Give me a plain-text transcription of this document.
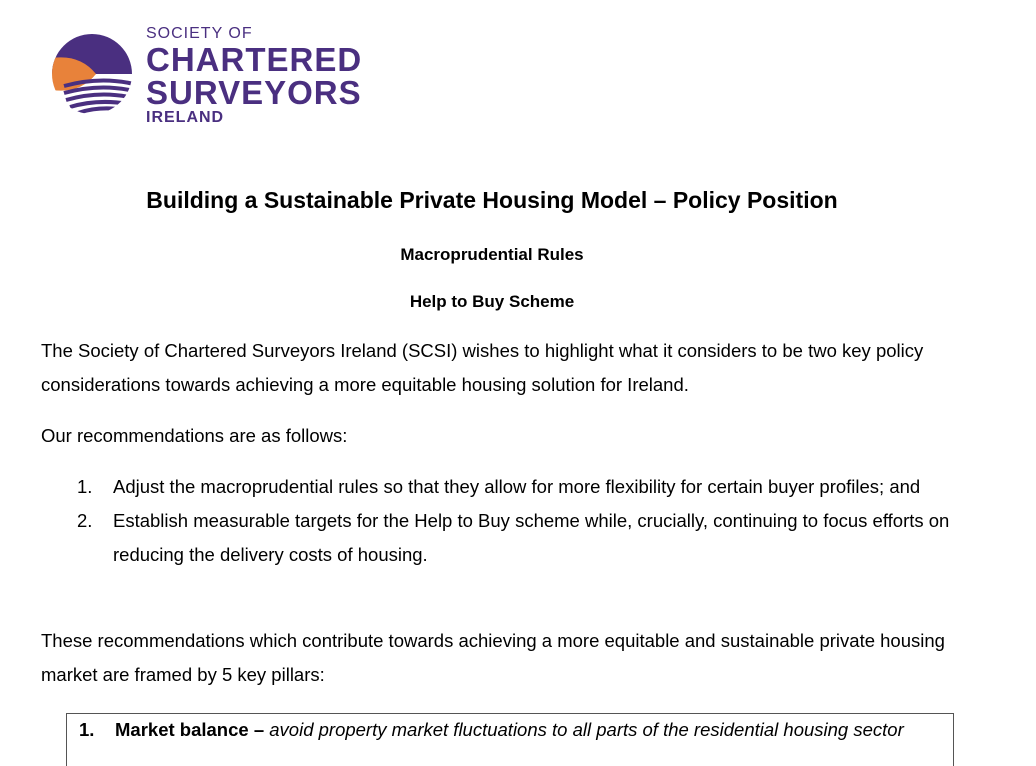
SOCIETY OF
CHARTERED
SURVEYORS
IRELAND
Building a Sustainable Private Housing Model – Policy Position
Macroprudential Rules
Help to Buy Scheme

The Society of Chartered Surveyors Ireland (SCSI) wishes to highlight what it considers to be two key policy considerations towards achieving a more equitable housing solution for Ireland.

Our recommendations are as follows:

1. Adjust the macroprudential rules so that they allow for more flexibility for certain buyer profiles; and
2. Establish measurable targets for the Help to Buy scheme while, crucially, continuing to focus efforts on reducing the delivery costs of housing.

These recommendations which contribute towards achieving a more equitable and sustainable private housing market are framed by 5 key pillars:

1. Market balance – avoid property market fluctuations to all parts of the residential housing sector
